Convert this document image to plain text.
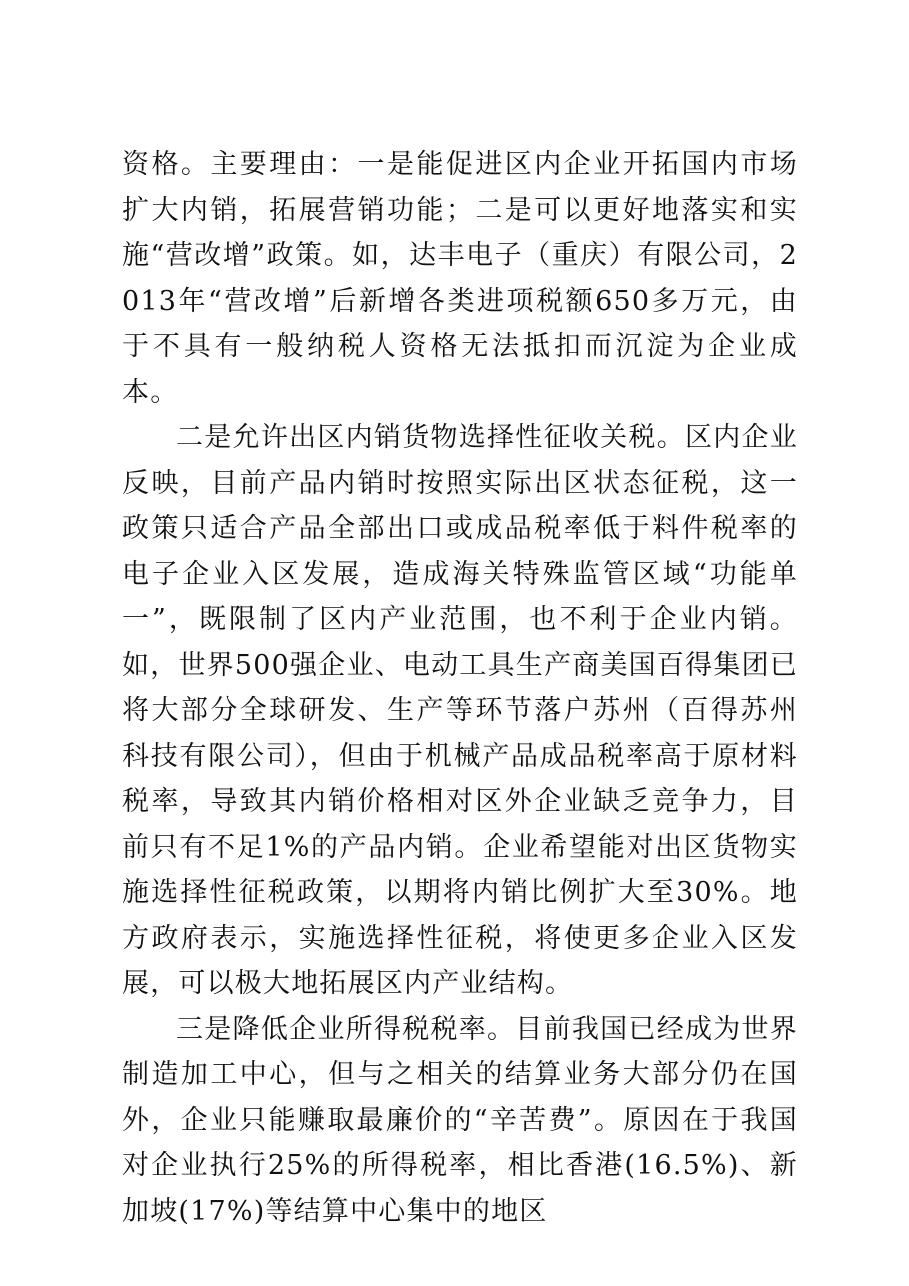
资格。主要理由：一是能促进区内企业开拓国内市场扩大内销，拓展营销功能；二是可以更好地落实和实施“营改增”政策。如，达丰电子（重庆）有限公司，2013年“营改增”后新增各类进项税额650多万元，由于不具有一般纳税人资格无法抵扣而沉淀为企业成本。

二是允许出区内销货物选择性征收关税。区内企业反映，目前产品内销时按照实际出区状态征税，这一政策只适合产品全部出口或成品税率低于料件税率的电子企业入区发展，造成海关特殊监管区域“功能单一”，既限制了区内产业范围，也不利于企业内销。如，世界500强企业、电动工具生产商美国百得集团已将大部分全球研发、生产等环节落户苏州（百得苏州科技有限公司），但由于机械产品成品税率高于原材料税率，导致其内销价格相对区外企业缺乏竞争力，目前只有不足1%的产品内销。企业希望能对出区货物实施选择性征税政策，以期将内销比例扩大至30%。地方政府表示，实施选择性征税，将使更多企业入区发展，可以极大地拓展区内产业结构。

三是降低企业所得税税率。目前我国已经成为世界制造加工中心，但与之相关的结算业务大部分仍在国外，企业只能赚取最廉价的“辛苦费”。原因在于我国对企业执行25%的所得税率，相比香港(16.5%)、新加坡(17%)等结算中心集中的地区
